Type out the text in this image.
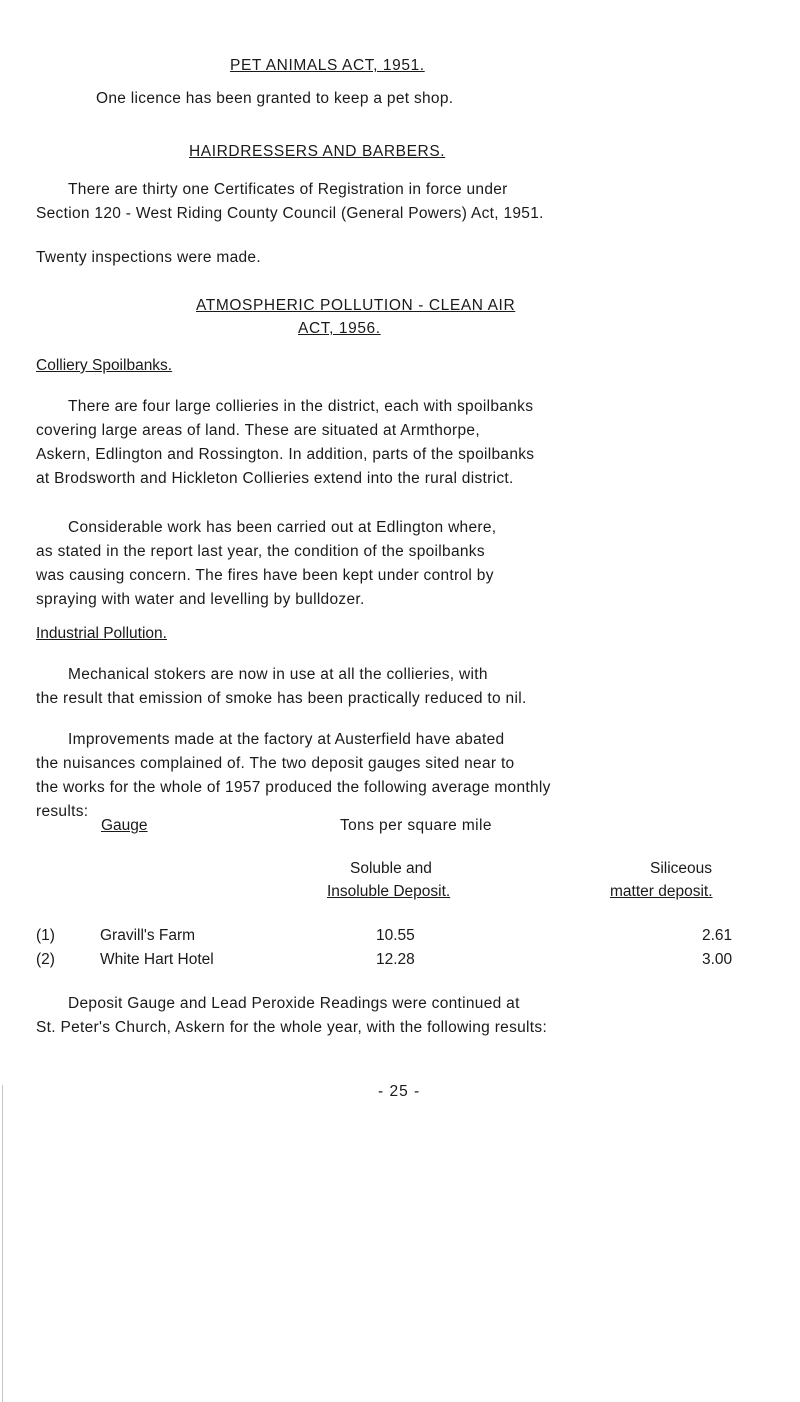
PET ANIMALS ACT, 1951.
One licence has been granted to keep a pet shop.
HAIRDRESSERS AND BARBERS.
There are thirty one Certificates of Registration in force under
Section 120 - West Riding County Council (General Powers) Act, 1951.
Twenty inspections were made.
ATMOSPHERIC POLLUTION - CLEAN AIR
ACT, 1956.
Colliery Spoilbanks.
There are four large collieries in the district, each with spoilbanks
covering large areas of land. These are situated at Armthorpe,
Askern, Edlington and Rossington. In addition, parts of the spoilbanks
at Brodsworth and Hickleton Collieries extend into the rural district.
Considerable work has been carried out at Edlington where,
as stated in the report last year, the condition of the spoilbanks
was causing concern. The fires have been kept under control by
spraying with water and levelling by bulldozer.
Industrial Pollution.
Mechanical stokers are now in use at all the collieries, with
the result that emission of smoke has been practically reduced to nil.
Improvements made at the factory at Austerfield have abated
the nuisances complained of. The two deposit gauges sited near to
the works for the whole of 1957 produced the following average monthly
results:
Gauge	Tons per square mile
Soluble and
Insoluble Deposit.
Siliceous
matter deposit.
(1)	Gravill's Farm	10.55	2.61
(2)	White Hart Hotel	12.28	3.00
Deposit Gauge and Lead Peroxide Readings were continued at
St. Peter's Church, Askern for the whole year, with the following results:
- 25 -
